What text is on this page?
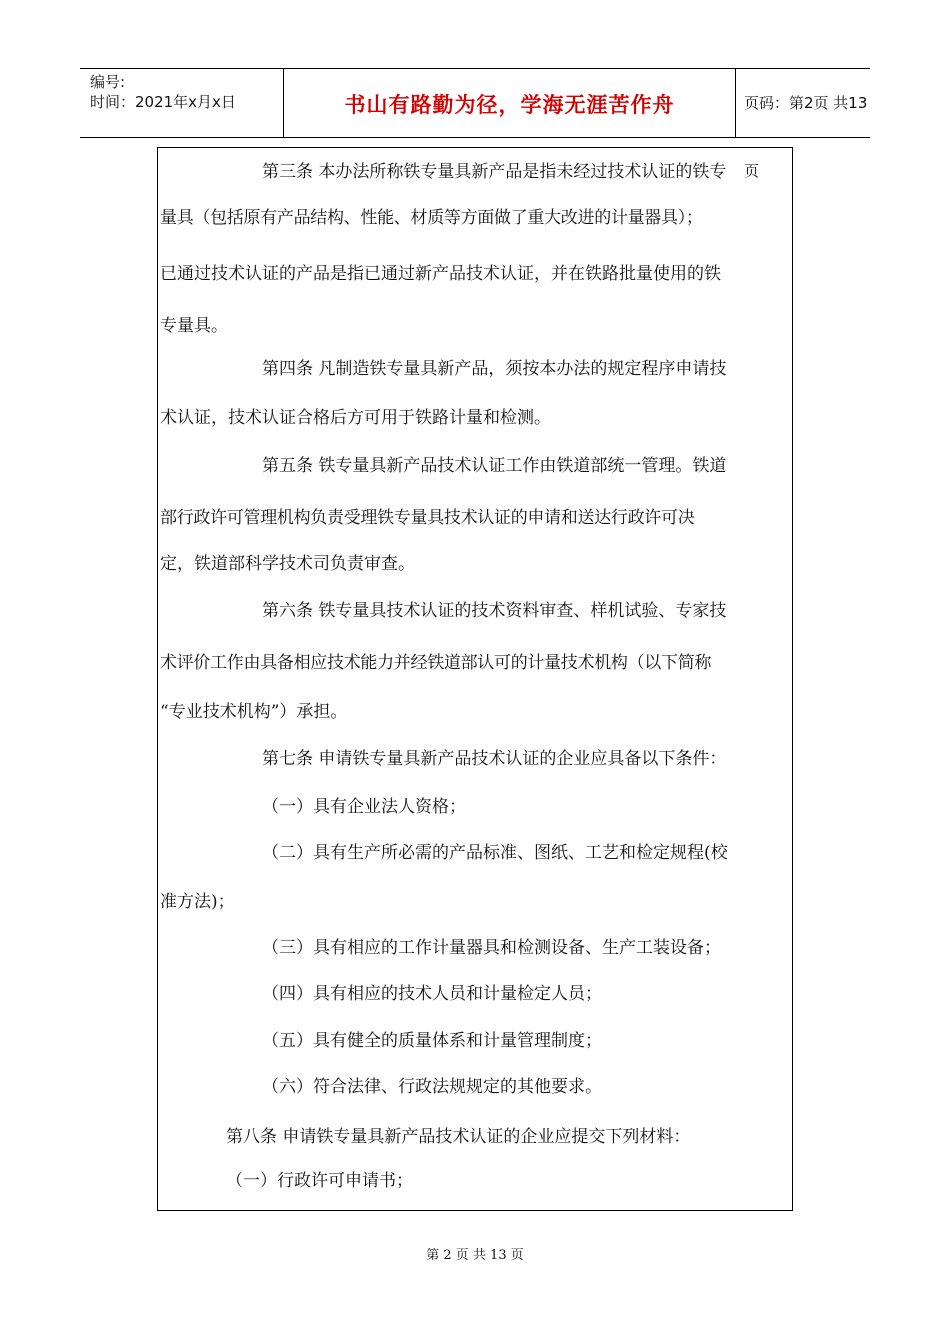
编号:
时间：2021年x月x日	书山有路勤为径，学海无涯苦作舟	页码：第2页 共13页
第三条 本办法所称铁专量具新产品是指未经过技术认证的铁专
量具（包括原有产品结构、性能、材质等方面做了重大改进的计量器具）；
已通过技术认证的产品是指已通过新产品技术认证，并在铁路批量使用的铁
专量具。
第四条 凡制造铁专量具新产品，须按本办法的规定程序申请技
术认证，技术认证合格后方可用于铁路计量和检测。
第五条 铁专量具新产品技术认证工作由铁道部统一管理。铁道
部行政许可管理机构负责受理铁专量具技术认证的申请和送达行政许可决
定，铁道部科学技术司负责审查。
第六条 铁专量具技术认证的技术资料审查、样机试验、专家技
术评价工作由具备相应技术能力并经铁道部认可的计量技术机构（以下简称
“专业技术机构”）承担。
第七条 申请铁专量具新产品技术认证的企业应具备以下条件：
（一）具有企业法人资格；
（二）具有生产所必需的产品标准、图纸、工艺和检定规程(校
准方法)；
（三）具有相应的工作计量器具和检测设备、生产工装设备；
（四）具有相应的技术人员和计量检定人员；
（五）具有健全的质量体系和计量管理制度；
（六）符合法律、行政法规规定的其他要求。
第八条 申请铁专量具新产品技术认证的企业应提交下列材料：
（一）行政许可申请书；
第 2 页 共 13 页
